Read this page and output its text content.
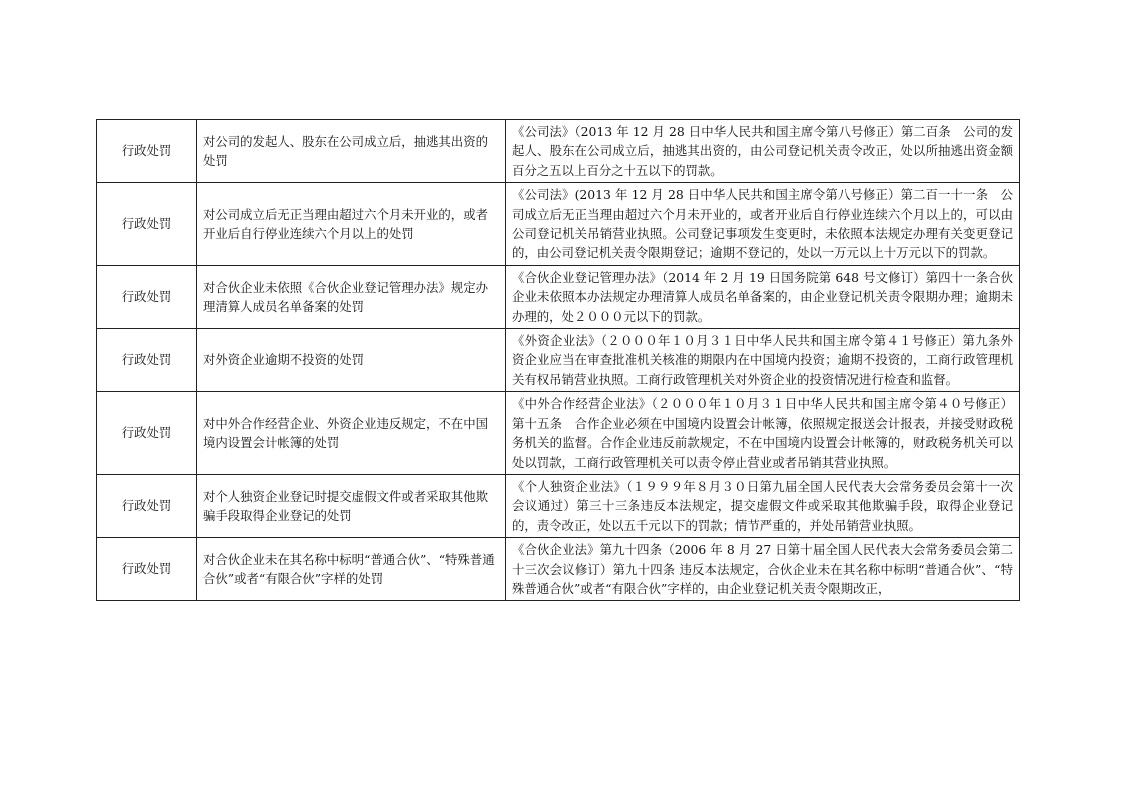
行政处罚	对公司的发起人、股东在公司成立后，抽逃其出资的处罚	《公司法》（2013 年 12 月 28 日中华人民共和国主席令第八号修正）第二百条　公司的发起人、股东在公司成立后，抽逃其出资的，由公司登记机关责令改正，处以所抽逃出资金额百分之五以上百分之十五以下的罚款。

行政处罚	对公司成立后无正当理由超过六个月未开业的，或者开业后自行停业连续六个月以上的处罚	《公司法》(2013 年 12 月 28 日中华人民共和国主席令第八号修正）第二百一十一条　公司成立后无正当理由超过六个月未开业的，或者开业后自行停业连续六个月以上的，可以由公司登记机关吊销营业执照。公司登记事项发生变更时，未依照本法规定办理有关变更登记的，由公司登记机关责令限期登记；逾期不登记的，处以一万元以上十万元以下的罚款。

行政处罚	对合伙企业未依照《合伙企业登记管理办法》规定办理清算人成员名单备案的处罚	《合伙企业登记管理办法》（2014 年 2 月 19 日国务院第 648 号文修订）第四十一条合伙企业未依照本办法规定办理清算人成员名单备案的，由企业登记机关责令限期办理；逾期未办理的，处２０００元以下的罚款。

行政处罚	对外资企业逾期不投资的处罚	《外资企业法》（２０００年１０月３１日中华人民共和国主席令第４１号修正）第九条外资企业应当在审查批准机关核准的期限内在中国境内投资；逾期不投资的，工商行政管理机关有权吊销营业执照。工商行政管理机关对外资企业的投资情况进行检查和监督。

行政处罚	对中外合作经营企业、外资企业违反规定，不在中国境内设置会计帐簿的处罚	《中外合作经营企业法》（２０００年１０月３１日中华人民共和国主席令第４０号修正）第十五条　合作企业必须在中国境内设置会计帐簿，依照规定报送会计报表，并接受财政税务机关的监督。合作企业违反前款规定，不在中国境内设置会计帐簿的，财政税务机关可以处以罚款，工商行政管理机关可以责令停止营业或者吊销其营业执照。

行政处罚	对个人独资企业登记时提交虚假文件或者采取其他欺骗手段取得企业登记的处罚	《个人独资企业法》（１９９９年８月３０日第九届全国人民代表大会常务委员会第十一次会议通过）第三十三条违反本法规定，提交虚假文件或采取其他欺骗手段，取得企业登记的，责令改正，处以五千元以下的罚款；情节严重的，并处吊销营业执照。

行政处罚	对合伙企业未在其名称中标明“普通合伙”、“特殊普通合伙”或者“有限合伙”字样的处罚	《合伙企业法》第九十四条（2006 年 8 月 27 日第十届全国人民代表大会常务委员会第二十三次会议修订）第九十四条 违反本法规定，合伙企业未在其名称中标明“普通合伙”、“特殊普通合伙”或者“有限合伙”字样的，由企业登记机关责令限期改正，
